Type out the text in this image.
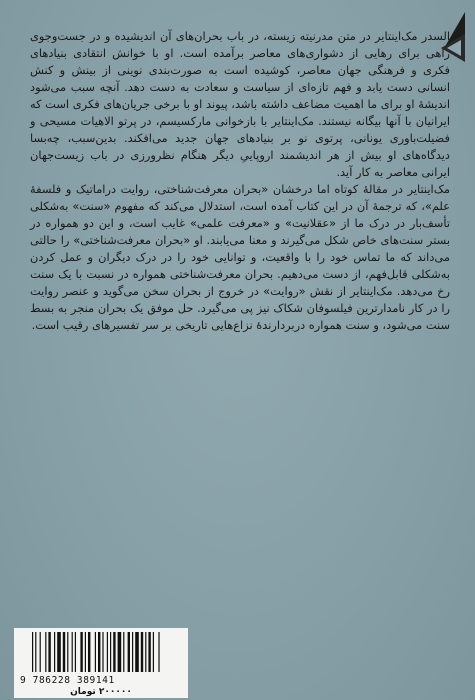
السدر مک‌اینتایر در متن مدرنیته زیسته، در باب بحران‌های آن اندیشیده و در جست‌وجوی راهی برای رهایی از دشواری‌های معاصر برآمده است. او با خوانش انتقادی بنیادهای فکری و فرهنگی جهان معاصر، کوشیده است به صورت‌بندی نوینی از بینش و کنش انسانی دست یابد و فهم تازه‌ای از سیاست و سعادت به دست دهد. آنچه سبب می‌شود اندیشهٔ او برای ما اهمیت مضاعف داشته باشد، پیوند او با برخی جریان‌های فکری است که ایرانیان با آنها بیگانه نیستند. مک‌اینتایر با بازخوانی مارکسیسم، در پرتو الاهیات مسیحی و فضیلت‌باوری یونانی، پرتوی نو بر بنیادهای جهان جدید می‌افکند. بدین‌سبب، چه‌بسا دیدگاه‌های او بیش از هر اندیشمند اروپاییِ دیگر هنگام نظرورزی در باب زیست‌جهان ایرانی معاصر به کار آید.

مک‌اینتایر در مقالهٔ کوتاه اما درخشان «بحران معرفت‌شناختی، روایت دراماتیک و فلسفهٔ علم»، که ترجمهٔ آن در این کتاب آمده است، استدلال می‌کند که مفهوم «سنت» به‌شکلی تأسف‌بار در درک ما از «عقلانیت» و «معرفت علمی» غایب است، و این دو همواره در بستر سنت‌های خاص شکل می‌گیرند و معنا می‌یابند. او «بحران معرفت‌شناختی» را حالتی می‌داند که ما تماس خود را با واقعیت، و توانایی خود را در درک دیگران و عمل کردن به‌شکلی قابل‌فهم، از دست می‌دهیم. بحران معرفت‌شناختی همواره در نسبت با یک سنت رخ می‌دهد. مک‌اینتایر از نقش «روایت» در خروج از بحران سخن می‌گوید و عنصر روایت را در کار نامدارترین فیلسوفان شکاک نیز پی می‌گیرد. حل موفق یک بحران منجر به بسط سنت می‌شود، و سنت همواره دربردارندهٔ نزاع‌هایی تاریخی بر سر تفسیرهای رقیب است.

9 786228 389141
۲۰۰۰۰۰ تومان
